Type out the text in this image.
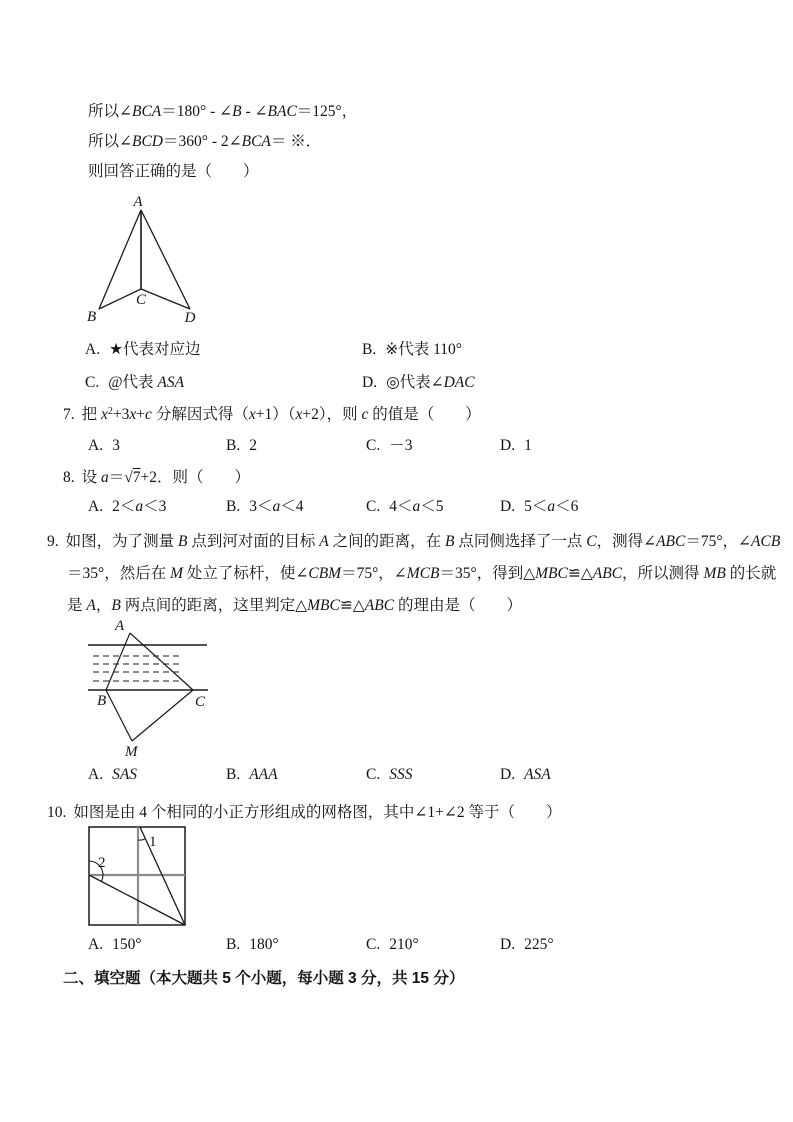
所以∠BCA＝180° - ∠B - ∠BAC＝125°，
所以∠BCD＝360° - 2∠BCA＝ ※．
则回答正确的是（　　）
A
B
C
D
A. ★代表对应边	B. ※代表 110°
C. @代表 ASA	D. ◎代表∠DAC
7. 把 $x^2+3x+c$ 分解因式得（x+1）（x+2），则 c 的值是（　　）
A. 3	B. 2	C. －3	D. 1
8. 设 a＝√7+2．则（　　）
A. 2＜a＜3	B. 3＜a＜4	C. 4＜a＜5	D. 5＜a＜6
9. 如图，为了测量 B 点到河对面的目标 A 之间的距离，在 B 点同侧选择了一点 C，测得∠ABC＝75°，∠ACB
＝35°，然后在 M 处立了标杆，使∠CBM＝75°，∠MCB＝35°，得到△MBC≌△ABC，所以测得 MB 的长就
是 A，B 两点间的距离，这里判定△MBC≌△ABC 的理由是（　　）
A
B	C
M
A. SAS	B. AAA	C. SSS	D. ASA
10. 如图是由 4 个相同的小正方形组成的网格图，其中∠1+∠2 等于（　　）
1
2
A. 150°	B. 180°	C. 210°	D. 225°
二、填空题（本大题共 5 个小题，每小题 3 分，共 15 分）
